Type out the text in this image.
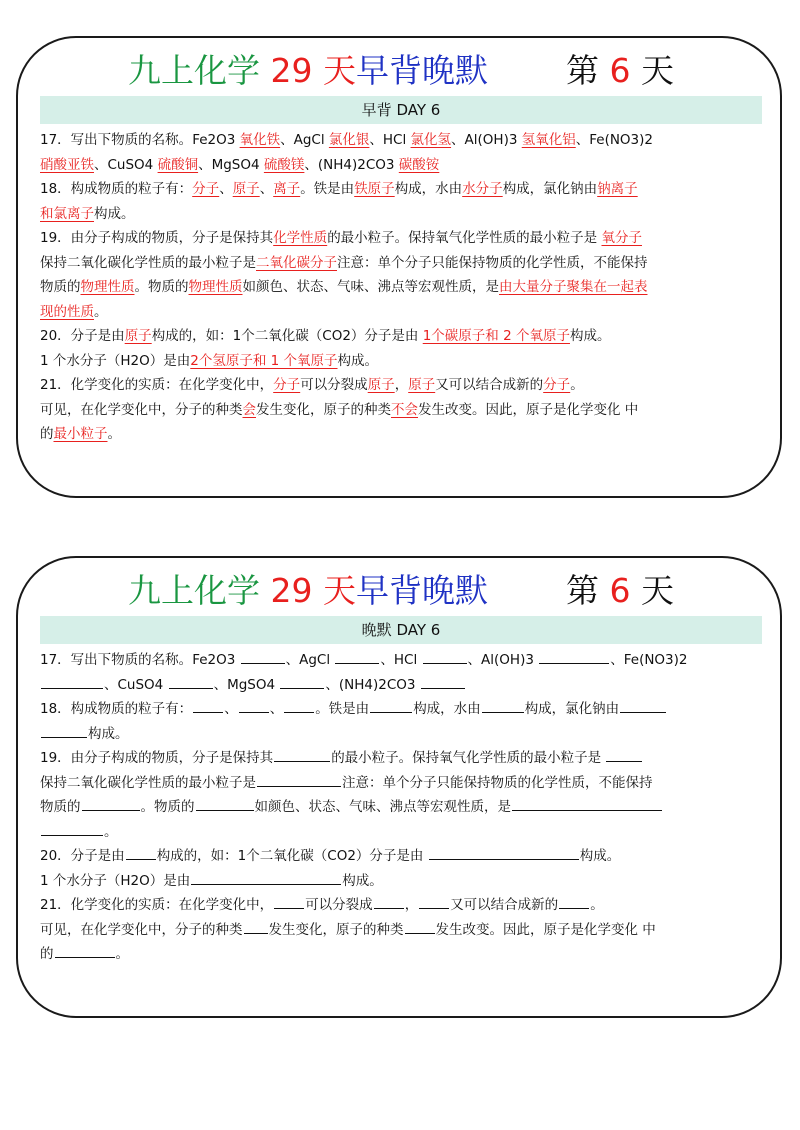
九上化学 29 天早背晚默 第 6 天
早背 DAY 6

17．写出下物质的名称。Fe2O3 氧化铁、AgCl 氯化银、HCl 氯化氢、Al(OH)3 氢氧化铝、Fe(NO3)2

硝酸亚铁、CuSO4 硫酸铜、MgSO4 硫酸镁、(NH4)2CO3 碳酸铵

18．构成物质的粒子有：分子、原子、离子。铁是由铁原子构成，水由水分子构成，氯化钠由钠离子

和氯离子构成。

19．由分子构成的物质，分子是保持其化学性质的最小粒子。保持氧气化学性质的最小粒子是 氧分子

保持二氧化碳化学性质的最小粒子是二氧化碳分子注意：单个分子只能保持物质的化学性质，不能保持

物质的物理性质。物质的物理性质如颜色、状态、气味、沸点等宏观性质，是由大量分子聚集在一起表

现的性质。

20．分子是由原子构成的，如：1个二氧化碳（CO2）分子是由 1个碳原子和 2 个氧原子构成。

1 个水分子（H2O）是由2个氢原子和 1 个氧原子构成。

21．化学变化的实质：在化学变化中，分子可以分裂成原子，原子又可以结合成新的分子。

可见，在化学变化中，分子的种类会发生变化，原子的种类不会发生改变。因此，原子是化学变化 中

的最小粒子。

九上化学 29 天早背晚默 第 6 天
晚默 DAY 6

17．写出下物质的名称。Fe2O3	、AgCl	、HCl	、Al(OH)3	、Fe(NO3)2

、CuSO4	、MgSO4	、(NH4)2CO3

18．构成物质的粒子有： 、 、 。铁是由	构成，水由	构成，氯化钠由

构成。

19．由分子构成的物质，分子是保持其	的最小粒子。保持氧气化学性质的最小粒子是

保持二氧化碳化学性质的最小粒子是	注意：单个分子只能保持物质的化学性质，不能保持

物质的	。物质的	如颜色、状态、气味、沸点等宏观性质，是

。

20．分子是由 构成的，如：1个二氧化碳（CO2）分子是由	构成。

1 个水分子（H2O）是由	构成。

21．化学变化的实质：在化学变化中， 可以分裂成 ， 又可以结合成新的 。

可见，在化学变化中，分子的种类 发生变化，原子的种类 发生改变。因此，原子是化学变化 中

的	。
